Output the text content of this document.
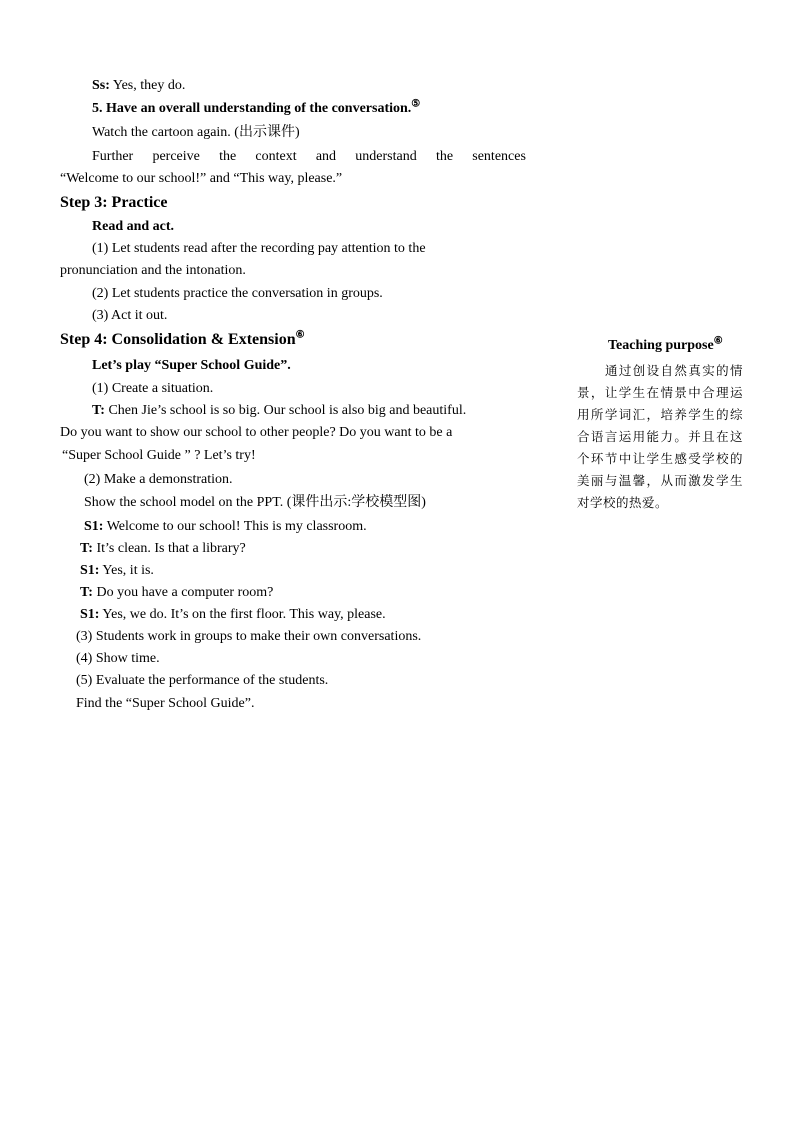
Ss: Yes, they do.
5. Have an overall understanding of the conversation.⑤
Watch the cartoon again. (出示课件)
Further perceive the context and understand the sentences
“Welcome to our school!” and “This way, please.”
Step 3: Practice
Read and act.
(1) Let students read after the recording pay attention to the
pronunciation and the intonation.
(2) Let students practice the conversation in groups.
(3) Act it out.
Step 4: Consolidation & Extension⑥
Let’s play “Super School Guide”.
(1) Create a situation.
T: Chen Jie’s school is so big. Our school is also big and beautiful.
Do you want to show our school to other people? Do you want to be a
“Super School Guide ” ? Let’s try!
(2) Make a demonstration.
Show the school model on the PPT. (课件出示:学校模型图)
S1: Welcome to our school! This is my classroom.
T: It’s clean. Is that a library?
S1: Yes, it is.
T: Do you have a computer room?
S1: Yes, we do. It’s on the first floor. This way, please.
(3) Students work in groups to make their own conversations.
(4) Show time.
(5) Evaluate the performance of the students.
Find the “Super School Guide”.
Teaching purpose⑥
通过创设自然真实的情景，让学生在情景中合理运用所学词汇，培养学生的综合语言运用能力。并且在这个环节中让学生感受学校的美丽与温馨，从而激发学生对学校的热爱。
